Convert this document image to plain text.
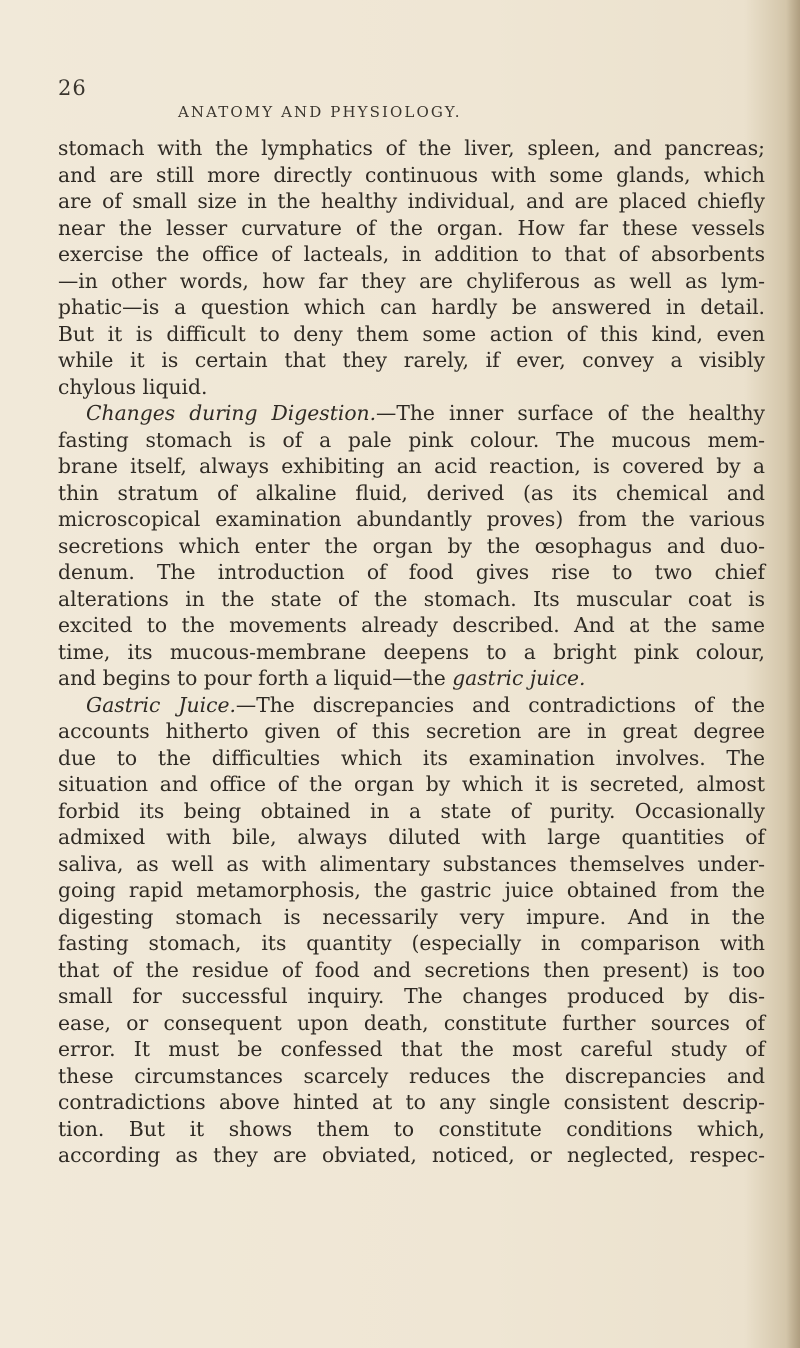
26
ANATOMY AND PHYSIOLOGY.
stomach with the lymphatics of the liver, spleen, and pancreas;
and are still more directly continuous with some glands, which
are of small size in the healthy individual, and are placed chiefly
near the lesser curvature of the organ. How far these vessels
exercise the office of lacteals, in addition to that of absorbents
—in other words, how far they are chyliferous as well as lym-
phatic—is a question which can hardly be answered in detail.
But it is difficult to deny them some action of this kind, even
while it is certain that they rarely, if ever, convey a visibly
chylous liquid.
Changes during Digestion.—The inner surface of the healthy
fasting stomach is of a pale pink colour. The mucous mem-
brane itself, always exhibiting an acid reaction, is covered by a
thin stratum of alkaline fluid, derived (as its chemical and
microscopical examination abundantly proves) from the various
secretions which enter the organ by the œsophagus and duo-
denum. The introduction of food gives rise to two chief
alterations in the state of the stomach. Its muscular coat is
excited to the movements already described. And at the same
time, its mucous-membrane deepens to a bright pink colour,
and begins to pour forth a liquid—the gastric juice.
Gastric Juice.—The discrepancies and contradictions of the
accounts hitherto given of this secretion are in great degree
due to the difficulties which its examination involves. The
situation and office of the organ by which it is secreted, almost
forbid its being obtained in a state of purity. Occasionally
admixed with bile, always diluted with large quantities of
saliva, as well as with alimentary substances themselves under-
going rapid metamorphosis, the gastric juice obtained from the
digesting stomach is necessarily very impure. And in the
fasting stomach, its quantity (especially in comparison with
that of the residue of food and secretions then present) is too
small for successful inquiry. The changes produced by dis-
ease, or consequent upon death, constitute further sources of
error. It must be confessed that the most careful study of
these circumstances scarcely reduces the discrepancies and
contradictions above hinted at to any single consistent descrip-
tion. But it shows them to constitute conditions which,
according as they are obviated, noticed, or neglected, respec-
